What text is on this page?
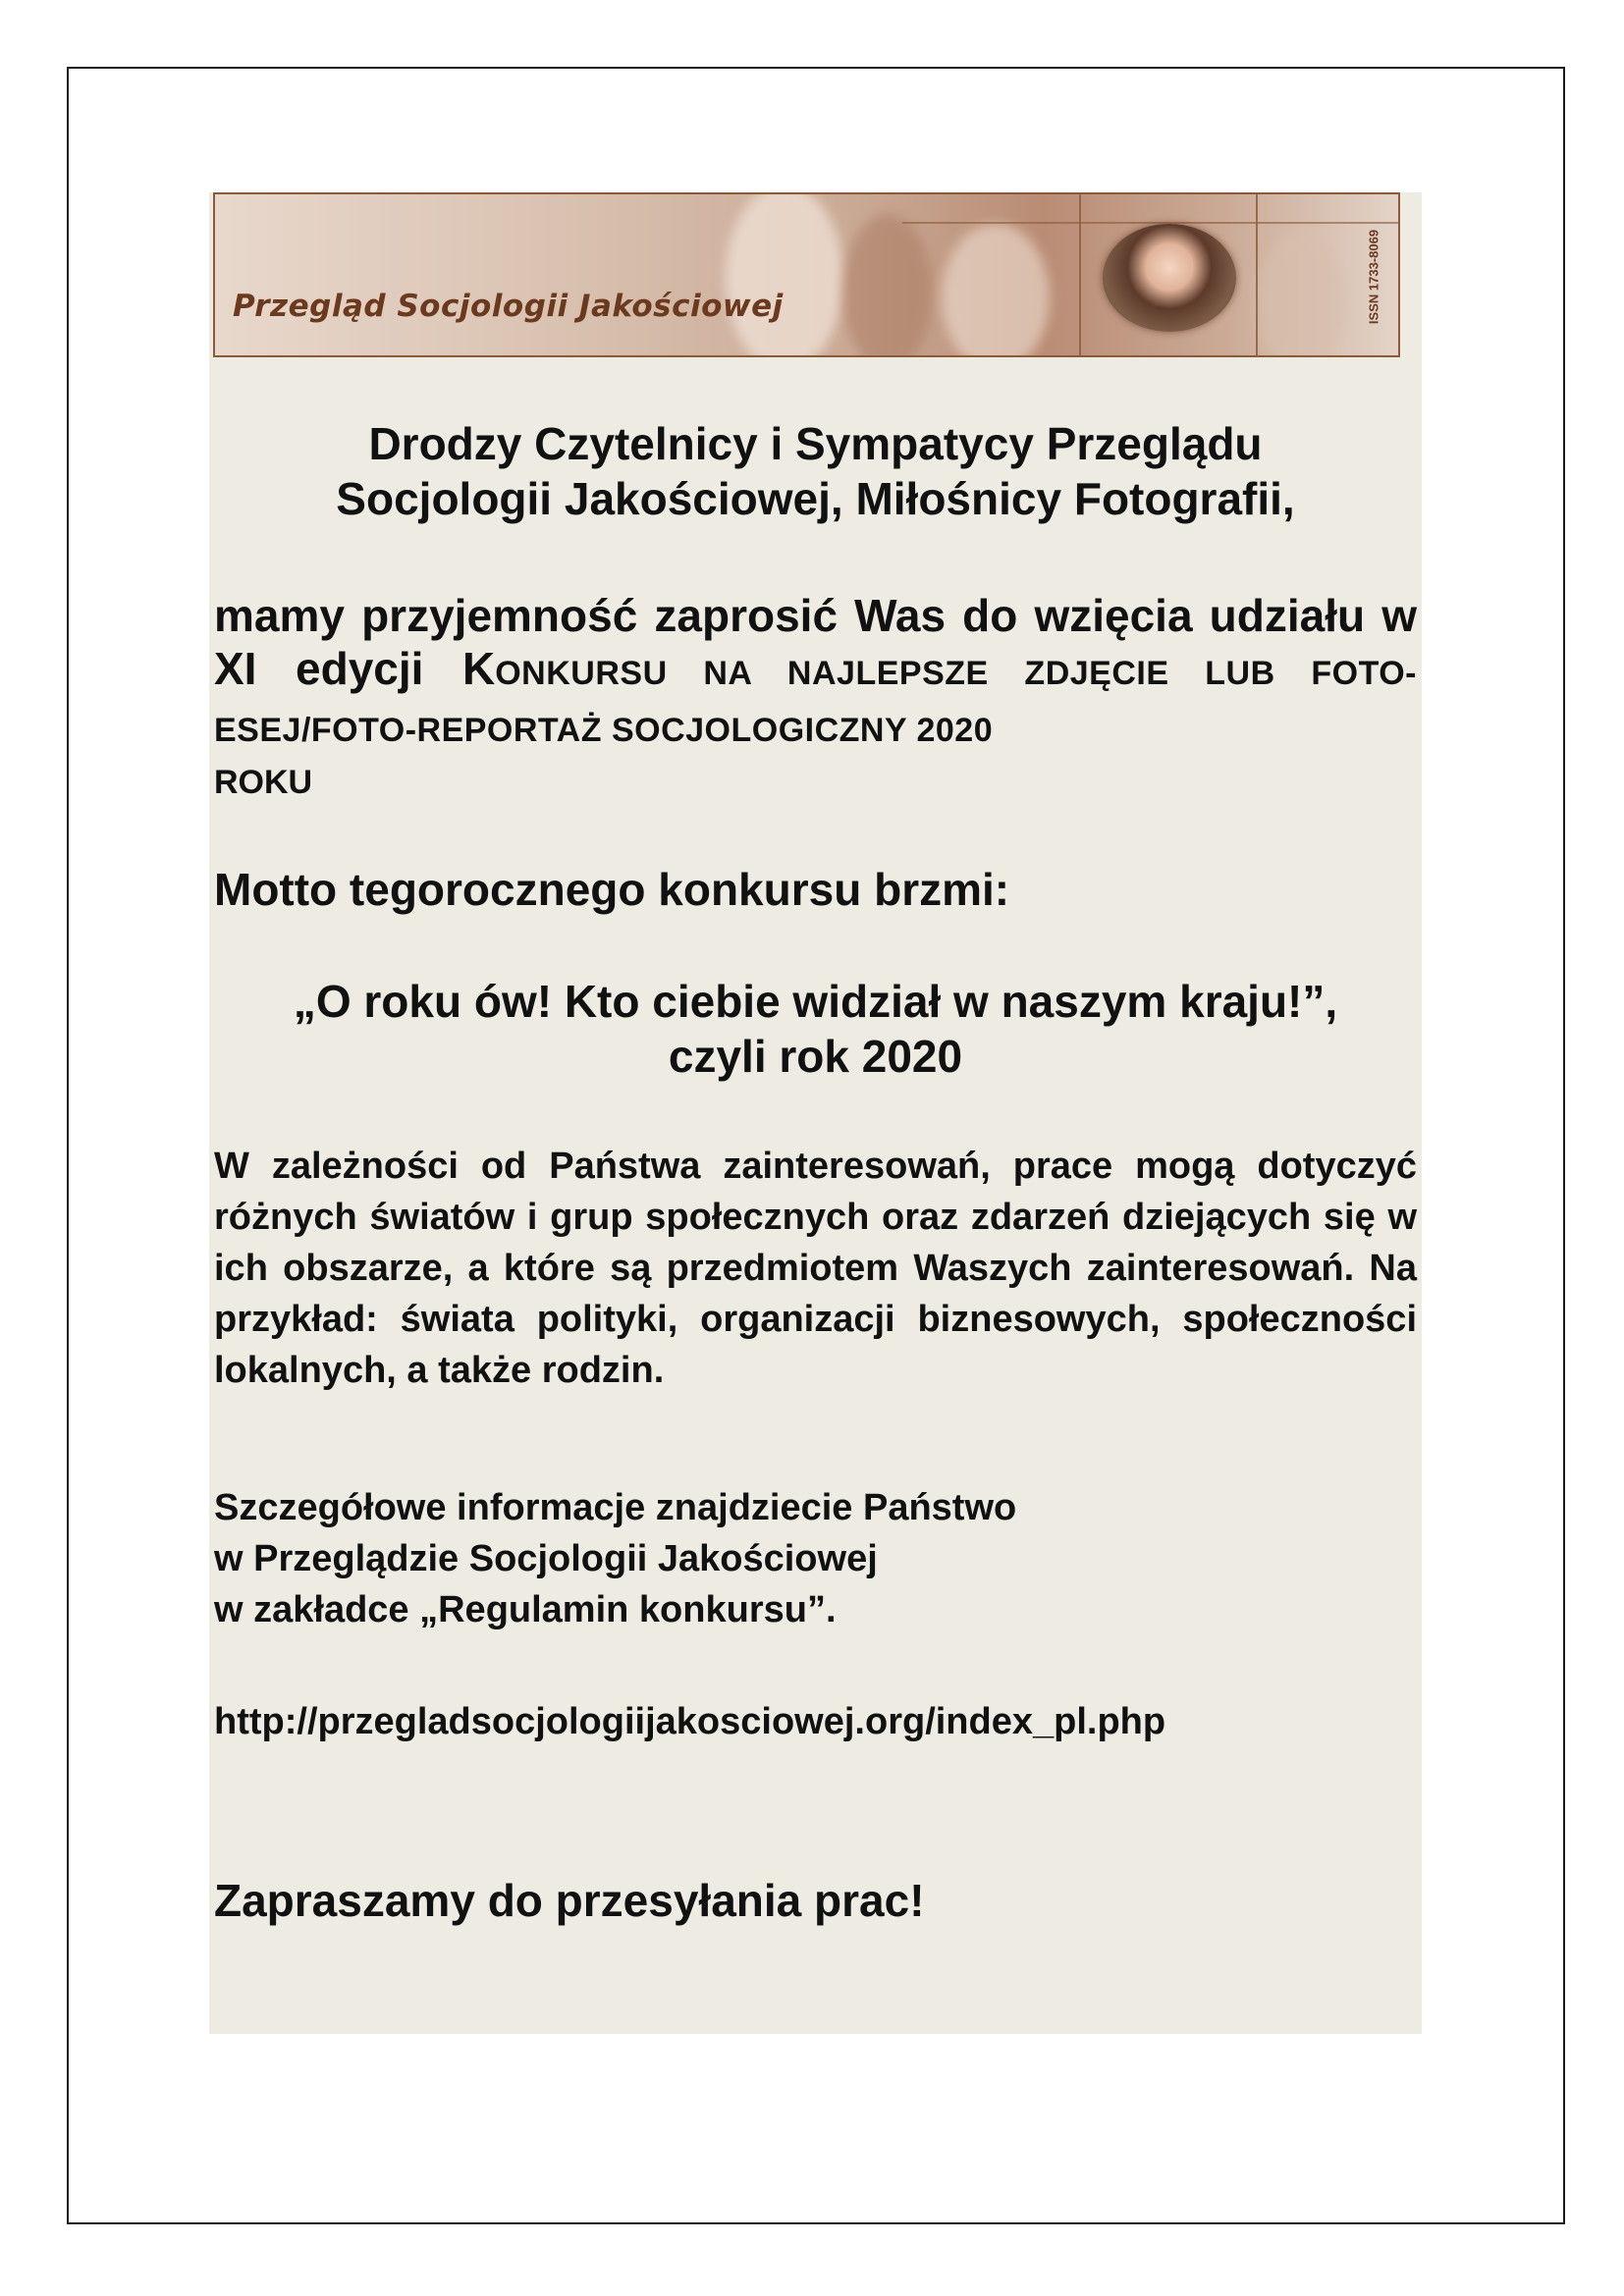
Przegląd Socjologii Jakościowej	ISSN 1733-8069
Drodzy Czytelnicy i Sympatycy Przeglądu
Socjologii Jakościowej, Miłośnicy Fotografii,
mamy przyjemność zaprosić Was do wzięcia udziału w XI edycji KONKURSU NA NAJLEPSZE ZDJĘCIE LUB FOTO-ESEJ/FOTO-REPORTAŻ SOCJOLOGICZNY 2020
ROKU
Motto tegorocznego konkursu brzmi:
„O roku ów! Kto ciebie widział w naszym kraju!”,
czyli rok 2020
W zależności od Państwa zainteresowań, prace mogą dotyczyć różnych światów i grup społecznych oraz zdarzeń dziejących się w ich obszarze, a które są przedmiotem Waszych zainteresowań. Na przykład: świata polityki, organizacji biznesowych, społeczności lokalnych, a także rodzin.
Szczegółowe informacje znajdziecie Państwo
w Przeglądzie Socjologii Jakościowej
w zakładce „Regulamin konkursu”.
http://przegladsocjologiijakosciowej.org/index_pl.php
Zapraszamy do przesyłania prac!
